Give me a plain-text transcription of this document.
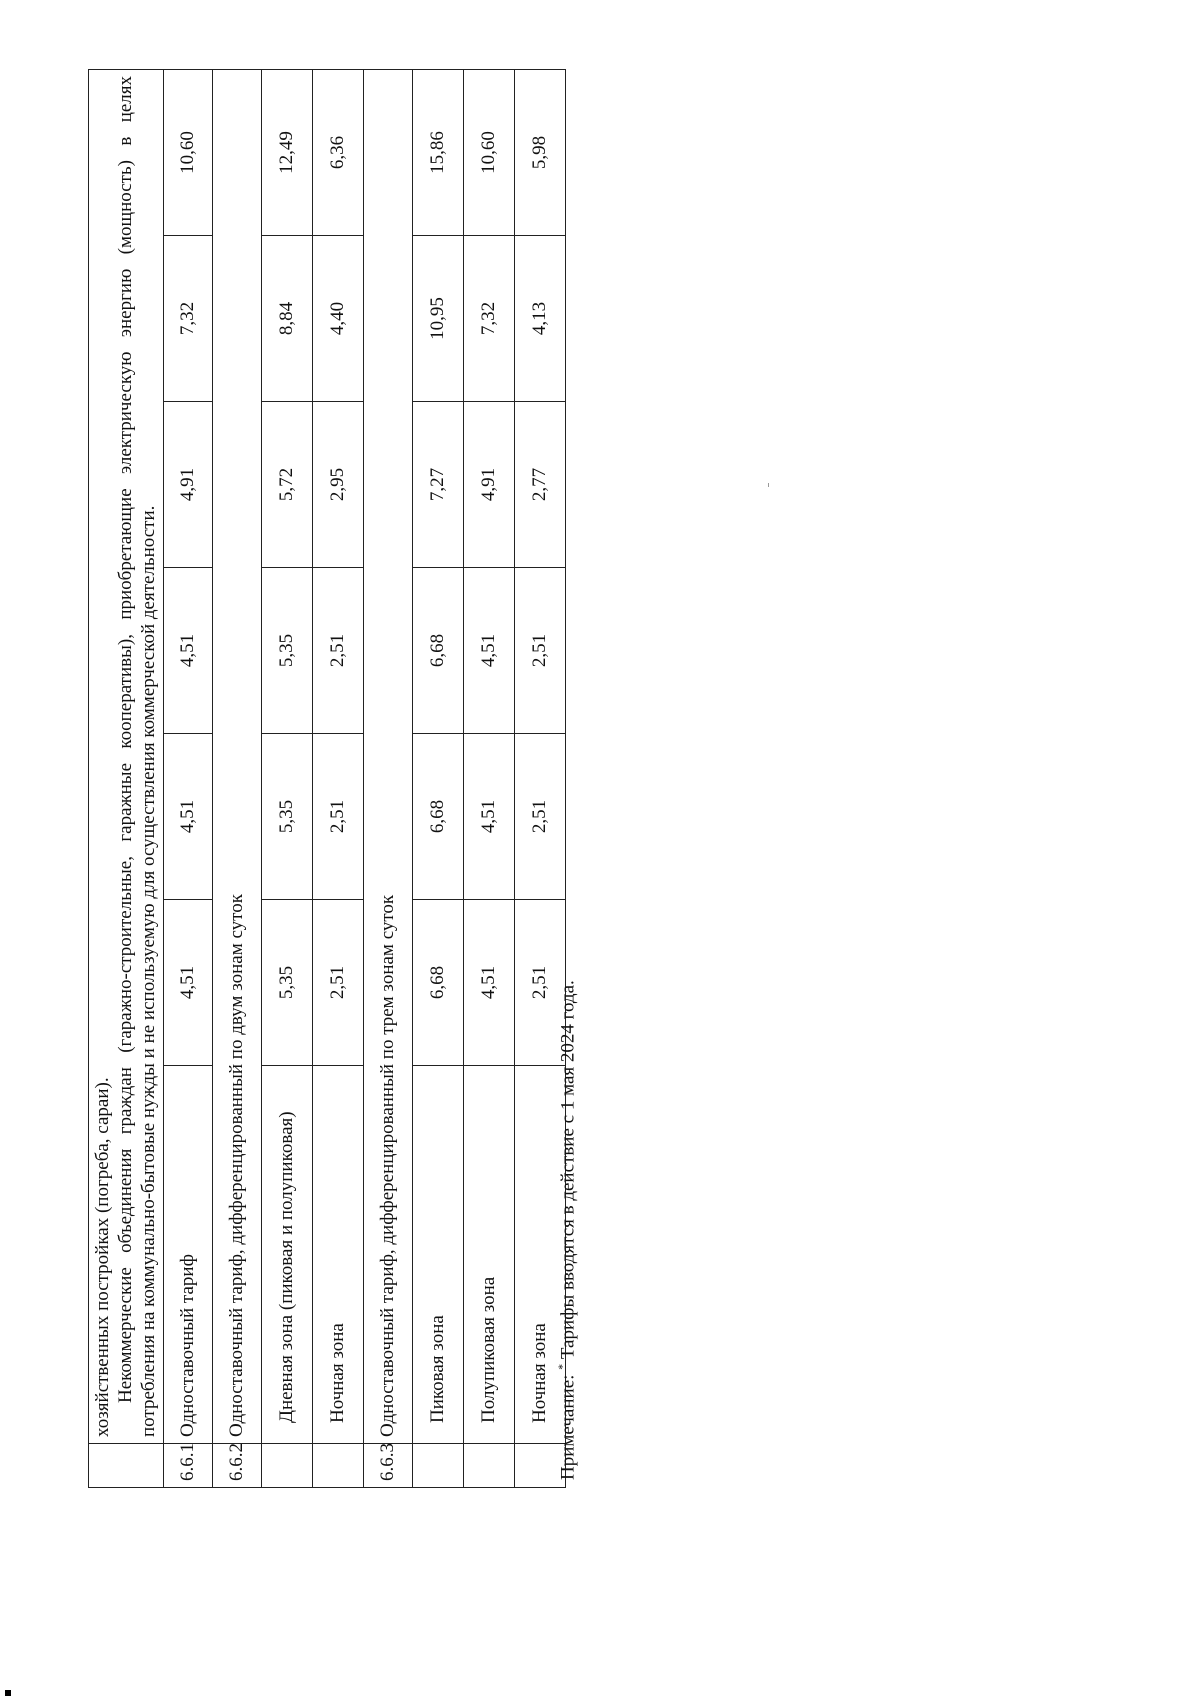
	хозяйственных постройках (погреба, сараи). Некоммерческие объединения граждан (гаражно-строительные, гаражные кооперативы), приобретающие электрическую энергию (мощность) в целях потребления на коммунально-бытовые нужды и не используемую для осуществления коммерческой деятельности.						

6.6.1	Одноставочный тариф	4,51	4,51	4,51	4,91	7,32	10,60
6.6.2	Одноставочный тариф, дифференцированный по двум зонам суток						
	Дневная зона (пиковая и полупиковая)	5,35	5,35	5,35	5,72	8,84	12,49
	Ночная зона	2,51	2,51	2,51	2,95	4,40	6,36
6.6.3	Одноставочный тариф, дифференцированный по трем зонам суток						
	Пиковая зона	6,68	6,68	6,68	7,27	10,95	15,86
	Полупиковая зона	4,51	4,51	4,51	4,91	7,32	10,60
	Ночная зона	2,51	2,51	2,51	2,77	4,13	5,98
Примечание: * Тарифы вводятся в действие с 1 мая 2024 года.
